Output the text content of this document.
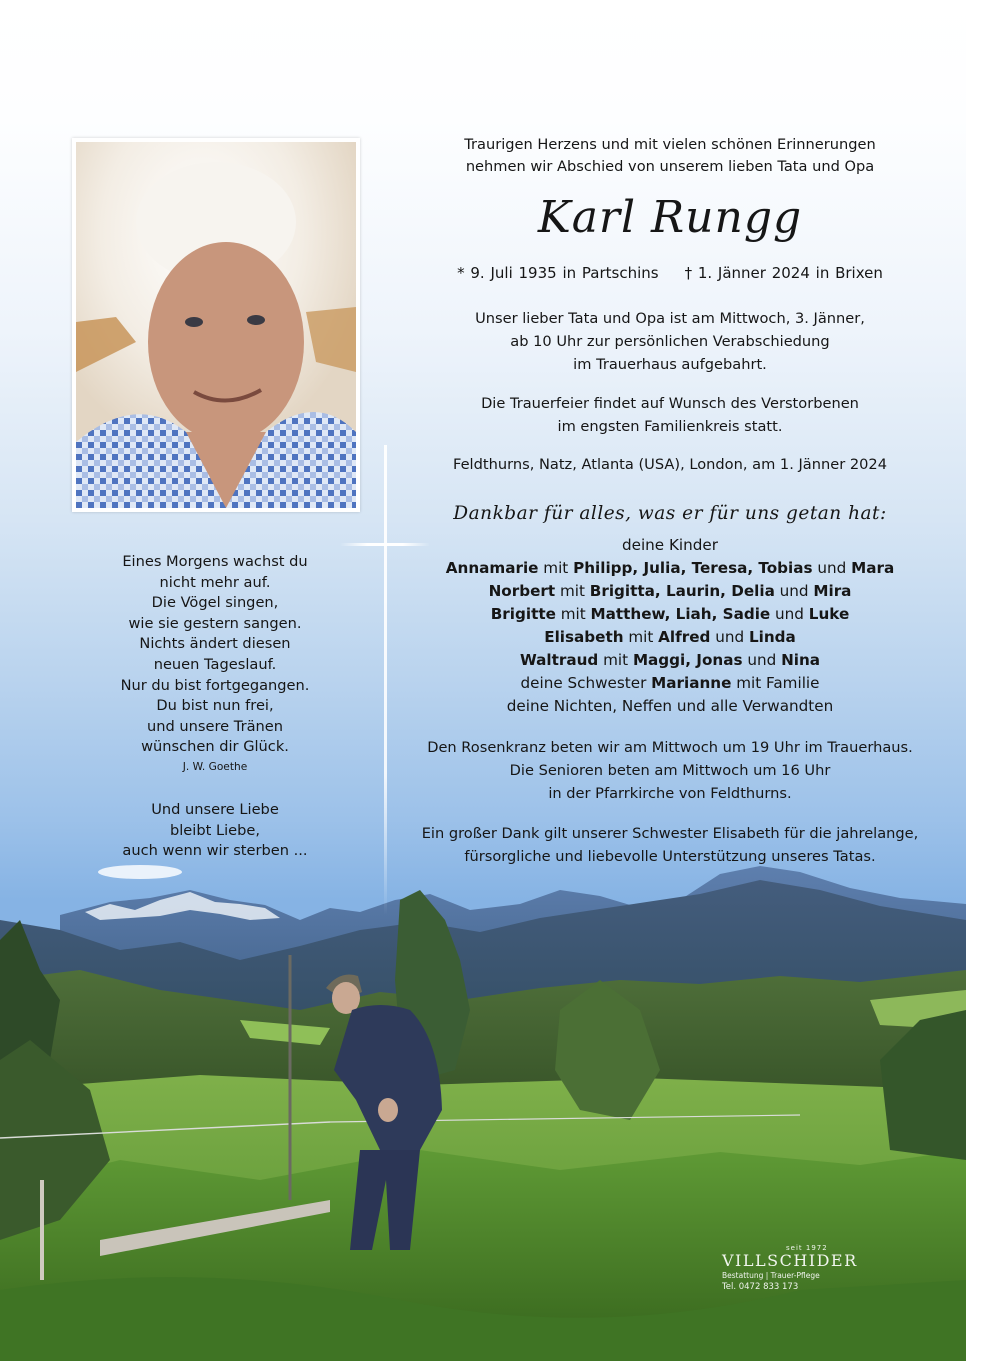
Traurigen Herzens und mit vielen schönen Erinnerungen
nehmen wir Abschied von unserem lieben Tata und Opa
Karl Rungg
* 9. Juli 1935 in Partschins † 1. Jänner 2024 in Brixen
Unser lieber Tata und Opa ist am Mittwoch, 3. Jänner,
ab 10 Uhr zur persönlichen Verabschiedung
im Trauerhaus aufgebahrt.
Die Trauerfeier findet auf Wunsch des Verstorbenen
im engsten Familienkreis statt.
Feldthurns, Natz, Atlanta (USA), London, am 1. Jänner 2024
Dankbar für alles, was er für uns getan hat:
deine Kinder
Annamarie mit Philipp, Julia, Teresa, Tobias und Mara
Norbert mit Brigitta, Laurin, Delia und Mira
Brigitte mit Matthew, Liah, Sadie und Luke
Elisabeth mit Alfred und Linda
Waltraud mit Maggi, Jonas und Nina
deine Schwester Marianne mit Familie
deine Nichten, Neffen und alle Verwandten
Den Rosenkranz beten wir am Mittwoch um 19 Uhr im Trauerhaus.
Die Senioren beten am Mittwoch um 16 Uhr
in der Pfarrkirche von Feldthurns.
Ein großer Dank gilt unserer Schwester Elisabeth für die jahrelange,
fürsorgliche und liebevolle Unterstützung unseres Tatas.
Eines Morgens wachst du
nicht mehr auf.
Die Vögel singen,
wie sie gestern sangen.
Nichts ändert diesen
neuen Tageslauf.
Nur du bist fortgegangen.
Du bist nun frei,
und unsere Tränen
wünschen dir Glück.
J. W. Goethe
Und unsere Liebe
bleibt Liebe,
auch wenn wir sterben ...
seit 1972
VILLSCHIDER
Bestattung | Trauer-Pflege
Tel. 0472 833 173
